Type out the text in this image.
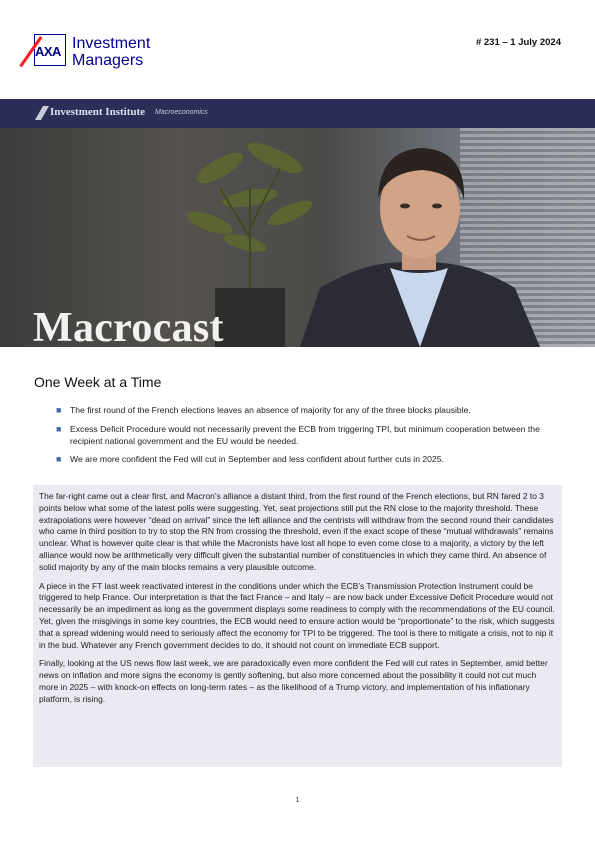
AXA Investment
Managers
# 231 – 1 July 2024
Investment Institute Macroeconomics
Macrocast
One Week at a Time
■ The first round of the French elections leaves an absence of majority for any of the three blocks plausible.
■ Excess Deficit Procedure would not necessarily prevent the ECB from triggering TPI, but minimum cooperation between the recipient national government and the EU would be needed.
■ We are more confident the Fed will cut in September and less confident about further cuts in 2025.

The far-right came out a clear first, and Macron’s alliance a distant third, from the first round of the French elections, but RN fared 2 to 3 points below what some of the latest polls were suggesting. Yet, seat projections still put the RN close to the majority threshold. These extrapolations were however “dead on arrival” since the left alliance and the centrists will withdraw from the second round their candidates who came in third position to try to stop the RN from crossing the threshold, even if the exact scope of these “mutual withdrawals” remains unclear. What is however quite clear is that while the Macronists have lost all hope to even come close to a majority, a victory by the left alliance would now be arithmetically very difficult given the substantial number of constituencies in which they came third. An absence of solid majority by any of the main blocks remains a very plausible outcome.

A piece in the FT last week reactivated interest in the conditions under which the ECB’s Transmission Protection Instrument could be triggered to help France. Our interpretation is that the fact France – and Italy – are now back under Excessive Deficit Procedure would not necessarily be an impediment as long as the government displays some readiness to comply with the recommendations of the EU council. Yet, given the misgivings in some key countries, the ECB would need to ensure action would be “proportionate” to the risk, which suggests that a spread widening would need to seriously affect the economy for TPI to be triggered. The tool is there to mitigate a crisis, not to nip it in the bud. Whatever any French government decides to do, it should not count on immediate ECB support.

Finally, looking at the US news flow last week, we are paradoxically even more confident the Fed will cut rates in September, amid better news on inflation and more signs the economy is gently softening, but also more concerned about the possibility it could not cut much more in 2025 – with knock-on effects on long-term rates – as the likelihood of a Trump victory, and implementation of his inflationary platform, is rising.

1
